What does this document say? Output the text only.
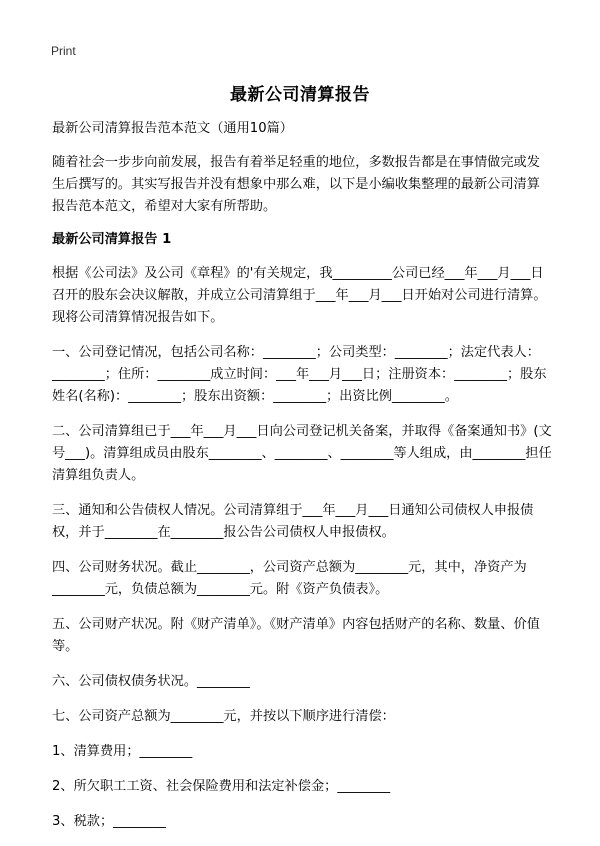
Print
最新公司清算报告

最新公司清算报告范本范文（通用10篇）

随着社会一步步向前发展，报告有着举足轻重的地位，多数报告都是在事情做完或发生后撰写的。其实写报告并没有想象中那么难，以下是小编收集整理的最新公司清算报告范本范文，希望对大家有所帮助。

最新公司清算报告 1

根据《公司法》及公司《章程》的'有关规定，我_________公司已经___年___月___日召开的股东会决议解散，并成立公司清算组于___年___月___日开始对公司进行清算。现将公司清算情况报告如下。

一、公司登记情况，包括公司名称：________；公司类型：________；法定代表人：________；住所：________成立时间：___年___月___日；注册资本：________；股东姓名(名称)：________；股东出资额：________；出资比例________。

二、公司清算组已于___年___月___日向公司登记机关备案，并取得《备案通知书》(文号___)。清算组成员由股东________、________、________等人组成，由________担任清算组负责人。

三、通知和公告债权人情况。公司清算组于___年___月___日通知公司债权人申报债权，并于________在________报公告公司债权人申报债权。

四、公司财务状况。截止________，公司资产总额为________元，其中，净资产为________元，负债总额为________元。附《资产负债表》。

五、公司财产状况。附《财产清单》。《财产清单》内容包括财产的名称、数量、价值等。

六、公司债权债务状况。________

七、公司资产总额为________元，并按以下顺序进行清偿：

1、清算费用；________

2、所欠职工工资、社会保险费用和法定补偿金；________

3、税款；________
